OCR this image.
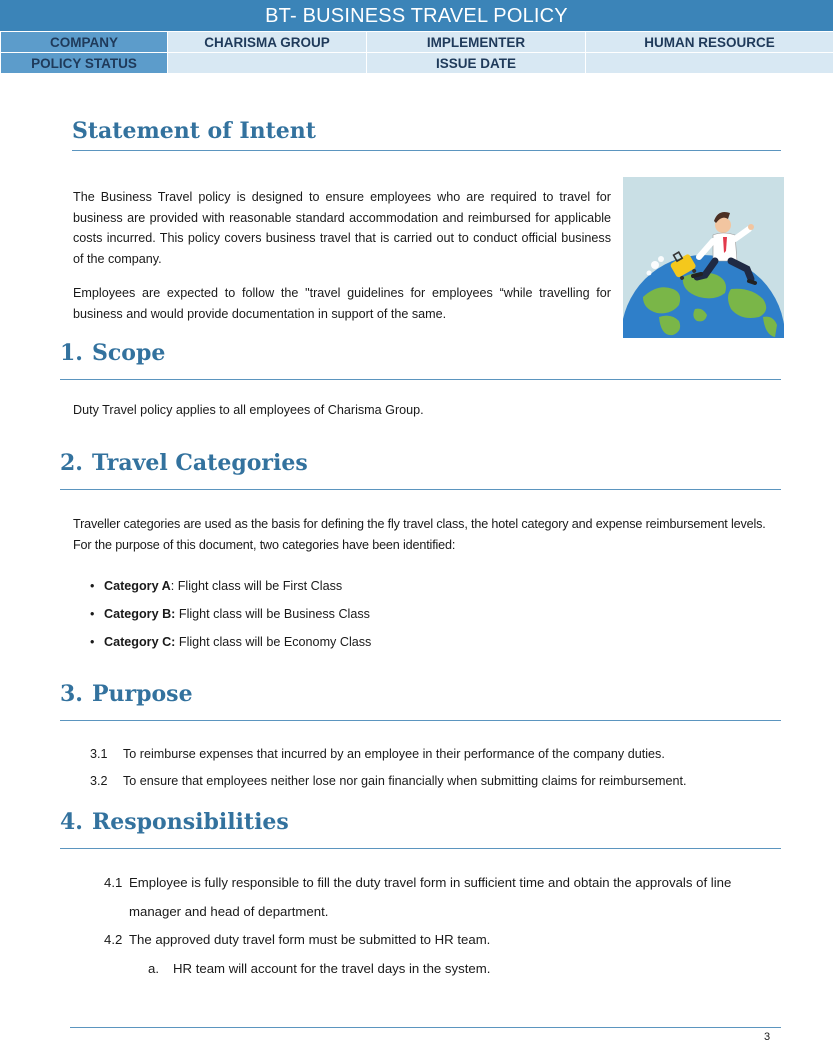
BT- BUSINESS TRAVEL POLICY
COMPANY	CHARISMA GROUP	IMPLEMENTER	HUMAN RESOURCE
POLICY STATUS		ISSUE DATE	
Statement of Intent

The Business Travel policy is designed to ensure employees who are required to travel for business are provided with reasonable standard accommodation and reimbursed for applicable costs incurred. This policy covers business travel that is carried out to conduct official business of the company.

Employees are expected to follow the "travel guidelines for employees “while travelling for business and would provide documentation in support of the same.

1. Scope

Duty Travel policy applies to all employees of Charisma Group.

2. Travel Categories

Traveller categories are used as the basis for defining the fly travel class, the hotel category and expense reimbursement levels. For the purpose of this document, two categories have been identified:

• Category A: Flight class will be First Class
• Category B: Flight class will be Business Class
• Category C: Flight class will be Economy Class
3. Purpose
3.1	To reimburse expenses that incurred by an employee in their performance of the company duties.
3.2	To ensure that employees neither lose nor gain financially when submitting claims for reimbursement.
4. Responsibilities
4.1 Employee is fully responsible to fill the duty travel form in sufficient time and obtain the approvals of line manager and head of department.
4.2 The approved duty travel form must be submitted to HR team.
a.	HR team will account for the travel days in the system.
3
